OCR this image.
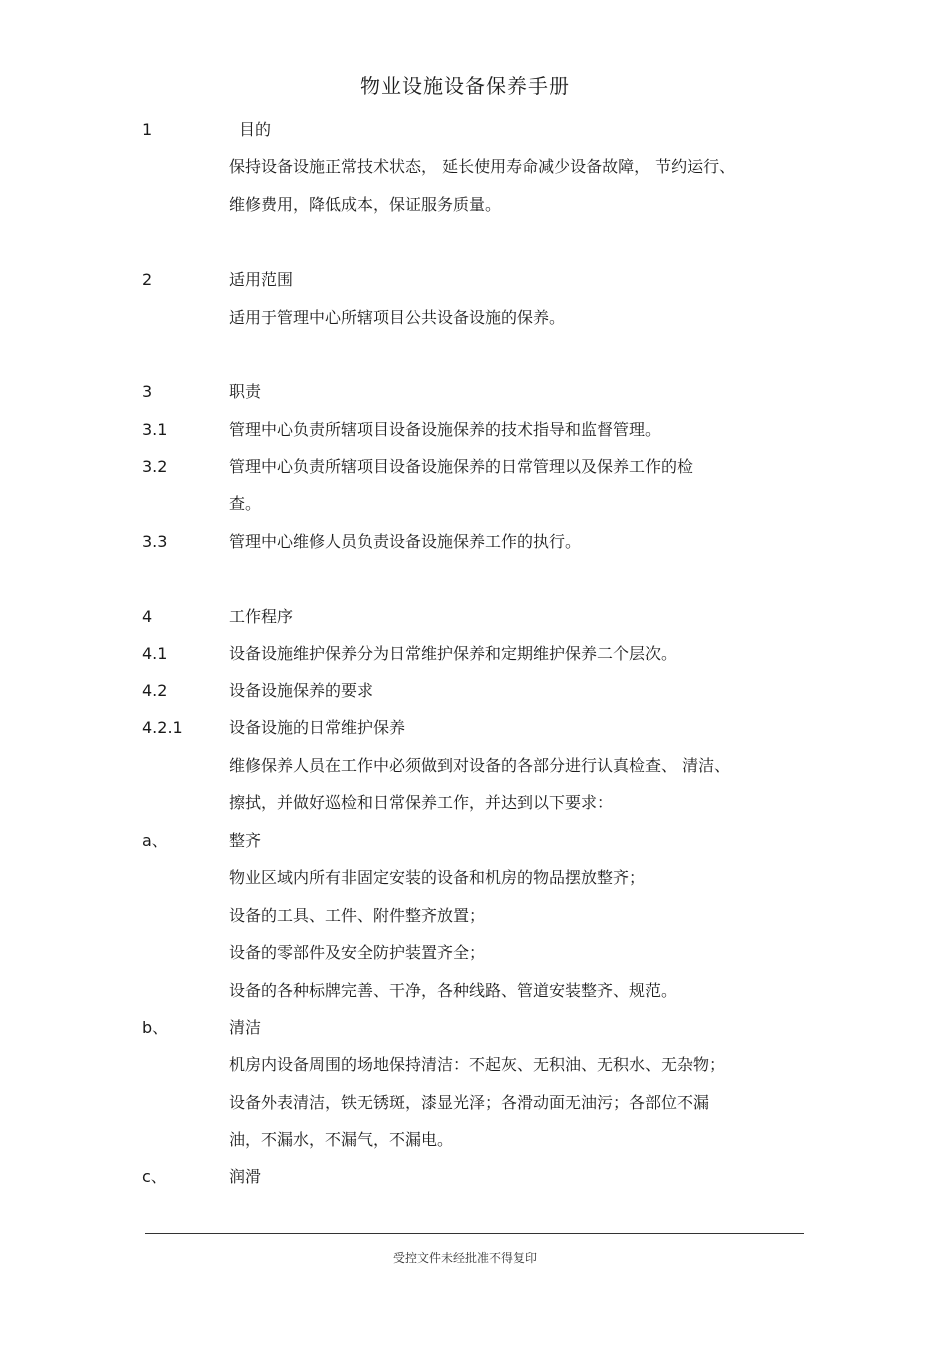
物业设施设备保养手册
1	目的
保持设备设施正常技术状态， 延长使用寿命减少设备故障， 节约运行、
维修费用，降低成本，保证服务质量。
2	适用范围
适用于管理中心所辖项目公共设备设施的保养。
3	职责
3.1	管理中心负责所辖项目设备设施保养的技术指导和监督管理。
3.2	管理中心负责所辖项目设备设施保养的日常管理以及保养工作的检
查。
3.3	管理中心维修人员负责设备设施保养工作的执行。
4	工作程序
4.1	设备设施维护保养分为日常维护保养和定期维护保养二个层次。
4.2	设备设施保养的要求
4.2.1	设备设施的日常维护保养
维修保养人员在工作中必须做到对设备的各部分进行认真检查、 清洁、
擦拭，并做好巡检和日常保养工作，并达到以下要求：
a、	整齐
物业区域内所有非固定安装的设备和机房的物品摆放整齐；
设备的工具、工件、附件整齐放置；
设备的零部件及安全防护装置齐全；
设备的各种标牌完善、干净，各种线路、管道安装整齐、规范。
b、	清洁
机房内设备周围的场地保持清洁：不起灰、无积油、无积水、无杂物；
设备外表清洁，铁无锈斑，漆显光泽；各滑动面无油污；各部位不漏
油，不漏水，不漏气，不漏电。
c、	润滑
受控文件未经批准不得复印
